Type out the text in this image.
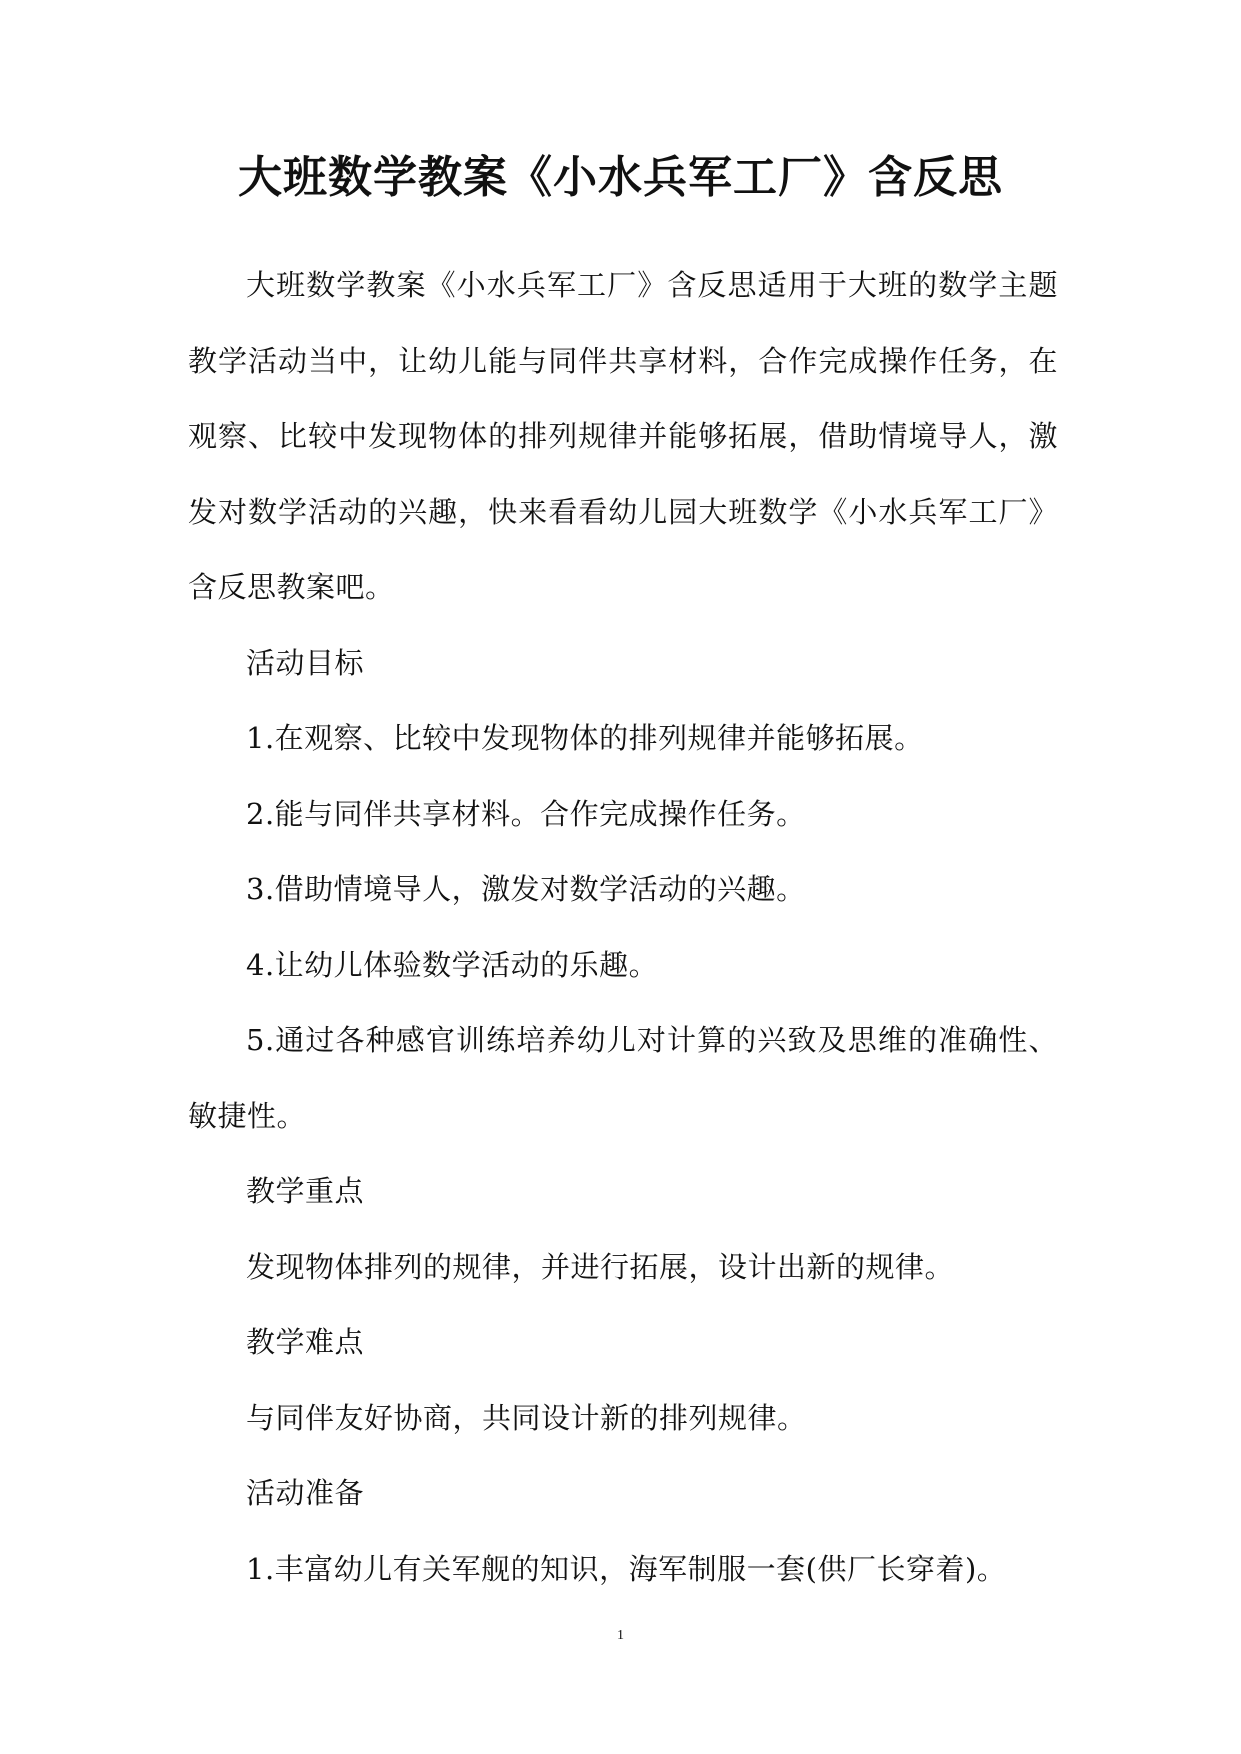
大班数学教案《小水兵军工厂》含反思

大班数学教案《小水兵军工厂》含反思适用于大班的数学主题教学活动当中，让幼儿能与同伴共享材料，合作完成操作任务，在观察、比较中发现物体的排列规律并能够拓展，借助情境导人，激发对数学活动的兴趣，快来看看幼儿园大班数学《小水兵军工厂》含反思教案吧。

活动目标

1.在观察、比较中发现物体的排列规律并能够拓展。

2.能与同伴共享材料。合作完成操作任务。

3.借助情境导人，激发对数学活动的兴趣。

4.让幼儿体验数学活动的乐趣。

5.通过各种感官训练培养幼儿对计算的兴致及思维的准确性、敏捷性。

教学重点

发现物体排列的规律，并进行拓展，设计出新的规律。

教学难点

与同伴友好协商，共同设计新的排列规律。

活动准备

1.丰富幼儿有关军舰的知识，海军制服一套(供厂长穿着)。

1
